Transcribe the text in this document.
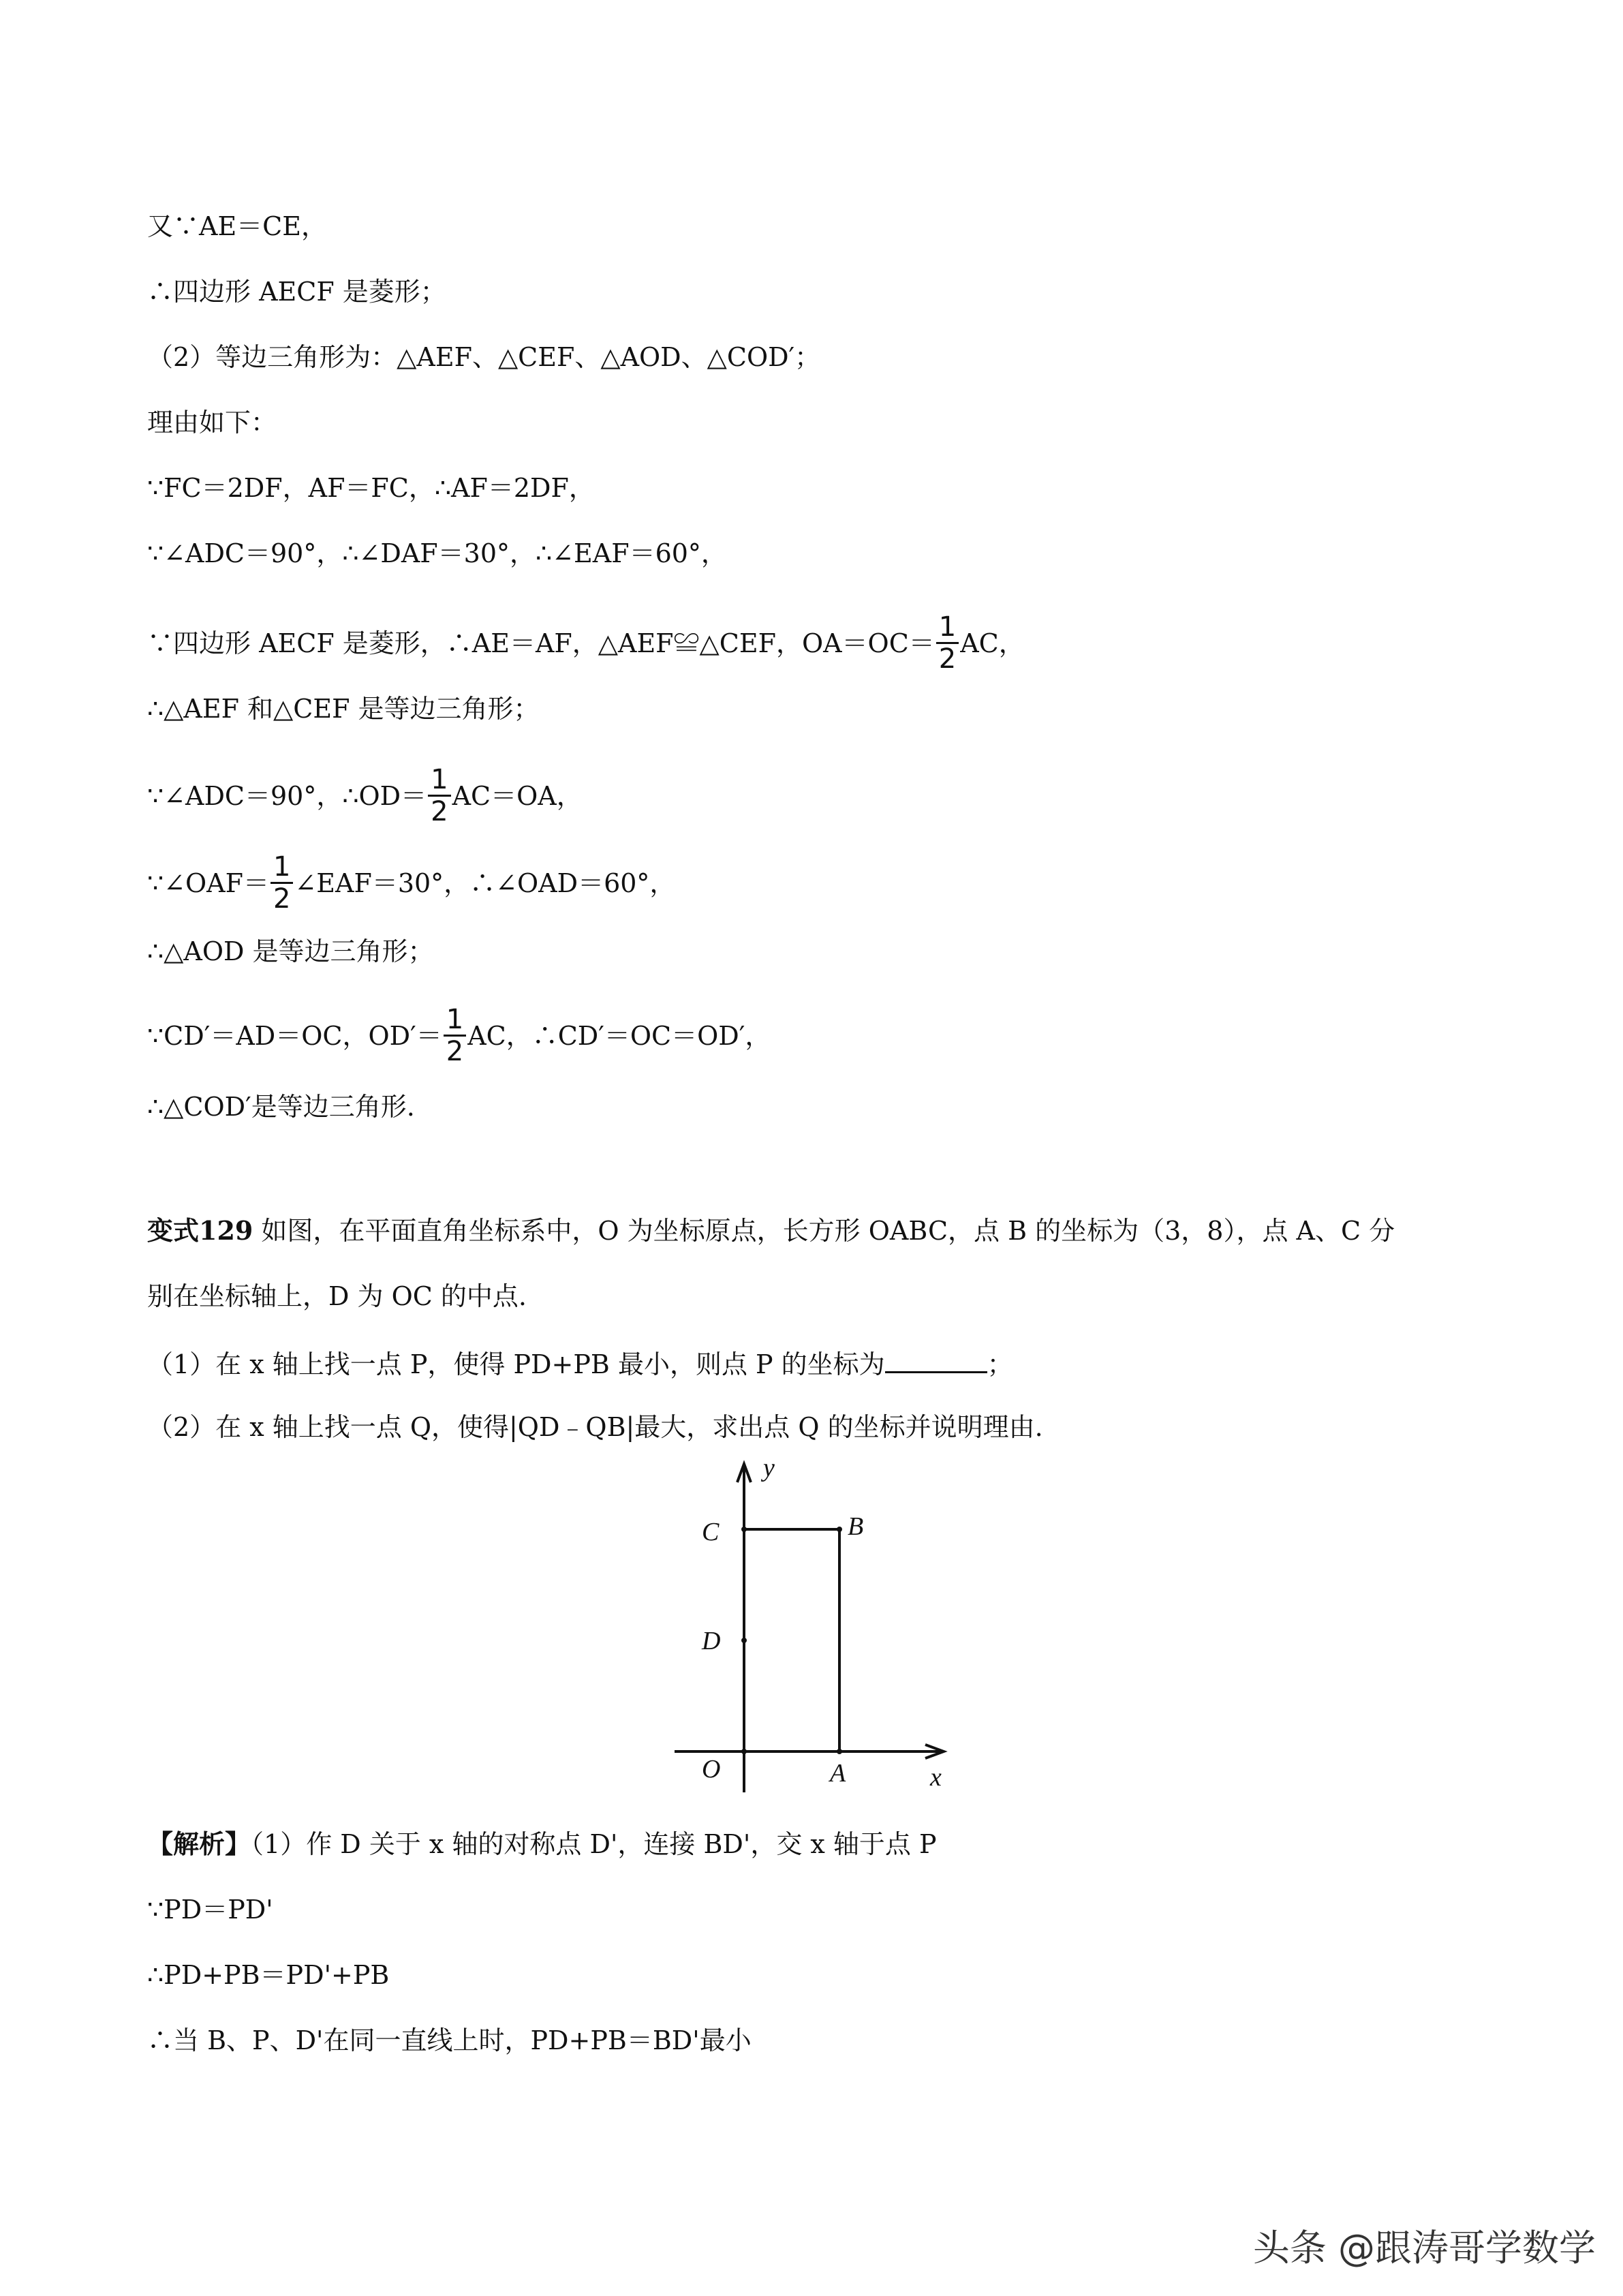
又∵AE＝CE，
∴四边形 AECF 是菱形；
（2）等边三角形为：△AEF、△CEF、△AOD、△COD′；
理由如下：
∵FC＝2DF，AF＝FC，∴AF＝2DF，
∵∠ADC＝90°，∴∠DAF＝30°，∴∠EAF＝60°，
∵四边形 AECF 是菱形，∴AE＝AF，△AEF≌△CEF，$OA=OC= \frac{1}{2}$ AC，
∴△AEF 和△CEF 是等边三角形；
∵∠ADC＝90°，∴OD＝ $\frac{1}{2} AC=OA$，
∵∠OAF＝ $\frac{1}{2}$ ∠EAF＝30°，∴∠OAD＝60°，
∴△AOD 是等边三角形；
∵CD′＝AD＝OC，$OD'= \frac{1}{2}$ AC，∴CD′＝OC＝OD′，
∴△COD′是等边三角形.
变式129 如图，在平面直角坐标系中，O 为坐标原点，长方形 OABC，点 B 的坐标为（3，8），点 A、C 分
别在坐标轴上，D 为 OC 的中点.
（1）在 x 轴上找一点 P，使得 PD+PB 最小，则点 P 的坐标为	；
（2）在 x 轴上找一点 Q，使得|QD﹣QB|最大，求出点 Q 的坐标并说明理由.
y
x
C	B
D
O	A
【解析】（1）作 D 关于 x 轴的对称点 D'，连接 BD'，交 x 轴于点 P
∵PD＝PD'
∴PD+PB＝PD'+PB
∴当 B、P、D'在同一直线上时，PD+PB＝BD'最小
头条 @跟涛哥学数学
